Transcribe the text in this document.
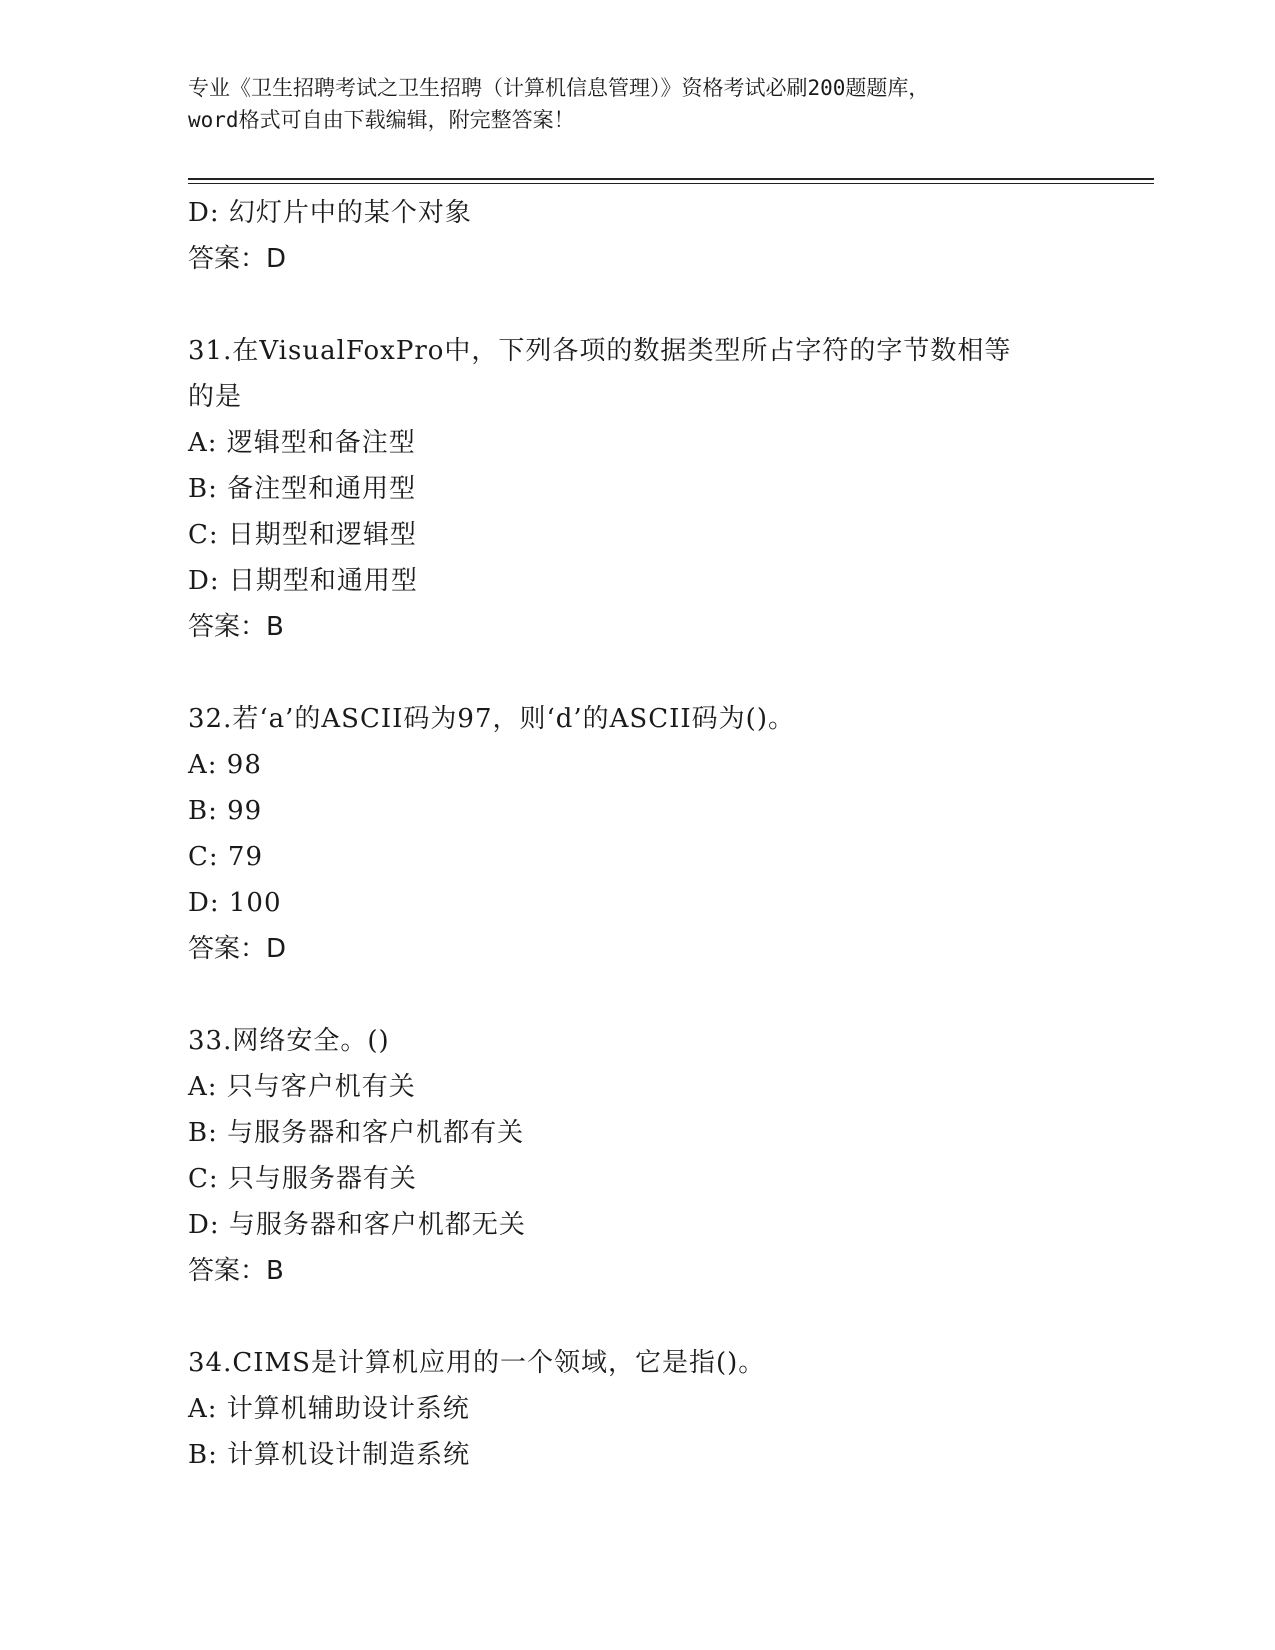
专业《卫生招聘考试之卫生招聘（计算机信息管理）》资格考试必刷200题题库，
word格式可自由下载编辑，附完整答案！
D: 幻灯片中的某个对象
答案：D
31.在VisualFoxPro中，下列各项的数据类型所占字符的字节数相等
的是
A: 逻辑型和备注型
B: 备注型和通用型
C: 日期型和逻辑型
D: 日期型和通用型
答案：B
32.若‘a’的ASCII码为97，则‘d’的ASCII码为()。
A: 98
B: 99
C: 79
D: 100
答案：D
33.网络安全。()
A: 只与客户机有关
B: 与服务器和客户机都有关
C: 只与服务器有关
D: 与服务器和客户机都无关
答案：B
34.CIMS是计算机应用的一个领域，它是指()。
A: 计算机辅助设计系统
B: 计算机设计制造系统
